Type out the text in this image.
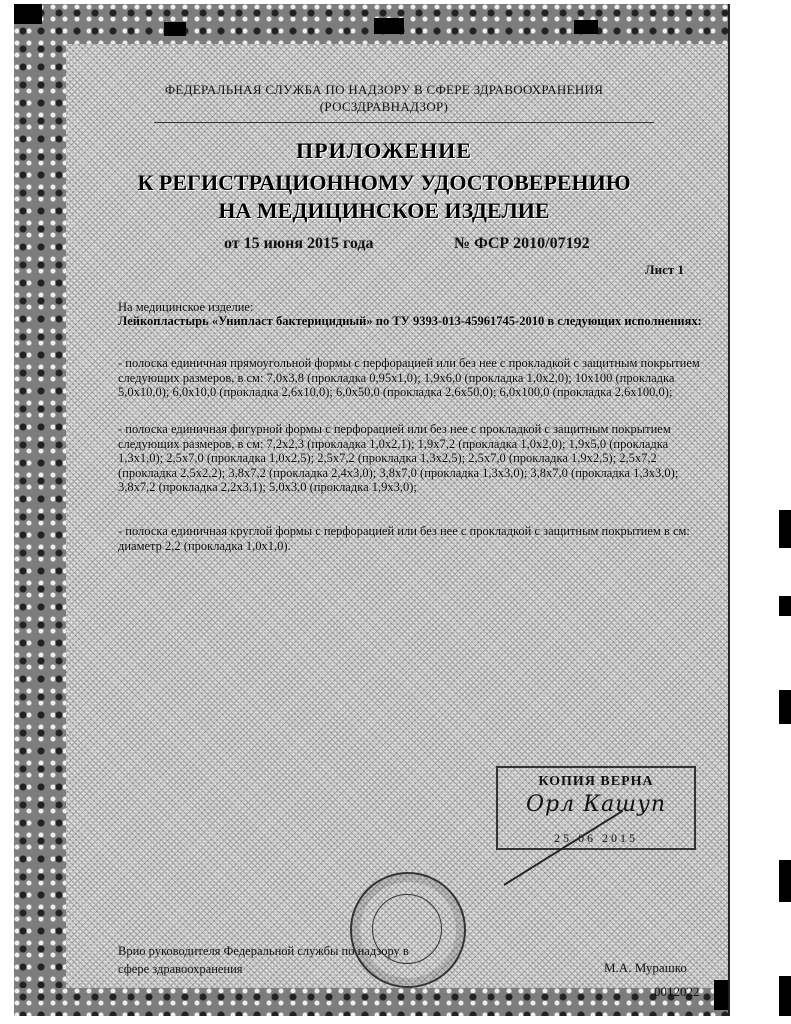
ФЕДЕРАЛЬНАЯ СЛУЖБА ПО НАДЗОРУ В СФЕРЕ ЗДРАВООХРАНЕНИЯ
(РОСЗДРАВНАДЗОР)
ПРИЛОЖЕНИЕ
К РЕГИСТРАЦИОННОМУ УДОСТОВЕРЕНИЮ
НА МЕДИЦИНСКОЕ ИЗДЕЛИЕ
от 15 июня 2015 года	№ ФСР 2010/07192
Лист 1
На медицинское изделие:
Лейкопластырь «Унипласт бактерицидный» по ТУ 9393-013-45961745-2010 в следующих исполнениях:
- полоска единичная прямоугольной формы с перфорацией или без нее с прокладкой с защитным покрытием следующих размеров, в см: 7,0х3,8 (прокладка 0,95х1,0); 1,9х6,0 (прокладка 1,0х2,0); 10х100 (прокладка 5,0х10,0); 6,0х10,0 (прокладка 2,6х10,0); 6,0х50,0 (прокладка 2,6х50,0); 6,0х100,0 (прокладка 2,6х100,0);
- полоска единичная фигурной формы с перфорацией или без нее с прокладкой с защитным покрытием следующих размеров, в см: 7,2х2,3 (прокладка 1,0х2,1); 1,9х7,2 (прокладка 1,0х2,0); 1,9х5,0 (прокладка 1,3х1,0); 2,5х7,0 (прокладка 1,0х2,5); 2,5х7,2 (прокладка 1,3х2,5); 2,5х7,0 (прокладка 1,9х2,5); 2,5х7,2 (прокладка 2,5х2,2); 3,8х7,2 (прокладка 2,4х3,0); 3,8х7,0 (прокладка 1,3х3,0); 3,8х7,0 (прокладка 1,3х3,0); 3,8х7,2 (прокладка 2,2х3,1); 5,0х3,0 (прокладка 1,9х3,0);
- полоска единичная круглой формы с перфорацией или без нее с прокладкой с защитным покрытием в см: диаметр 2,2 (прокладка 1,0х1,0).
КОПИЯ ВЕРНА
Орл Кашуп
25 06 2015
Врио руководителя Федеральной службы по надзору в сфере здравоохранения	М.А. Мурашко
0012022
